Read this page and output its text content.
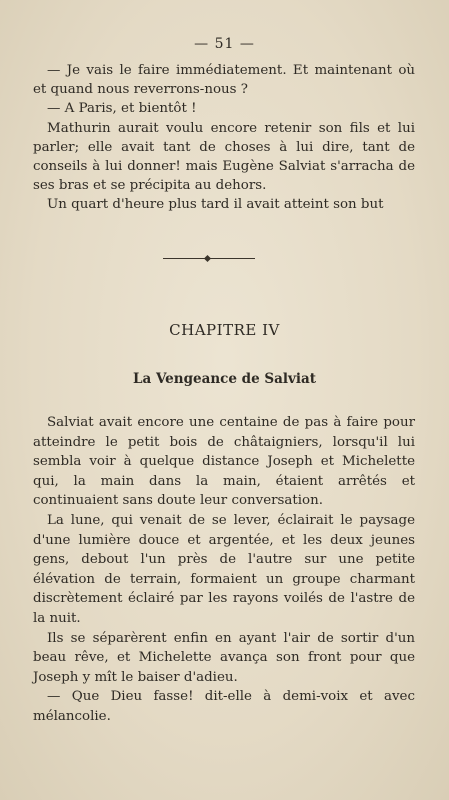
— 51 —

— Je vais le faire immédiatement. Et maintenant où et quand nous reverrons-nous ?

— A Paris, et bientôt !

Mathurin aurait voulu encore retenir son fils et lui parler; elle avait tant de choses à lui dire, tant de conseils à lui donner! mais Eugène Salviat s'arracha de ses bras et se précipita au dehors.

Un quart d'heure plus tard il avait atteint son but

CHAPITRE IV
La Vengeance de Salviat

Salviat avait encore une centaine de pas à faire pour atteindre le petit bois de châtaigniers, lorsqu'il lui sembla voir à quelque distance Joseph et Michelette qui, la main dans la main, étaient arrêtés et continuaient sans doute leur conversation.

La lune, qui venait de se lever, éclairait le paysage d'une lumière douce et argentée, et les deux jeunes gens, debout l'un près de l'autre sur une petite élévation de terrain, formaient un groupe charmant discrètement éclairé par les rayons voilés de l'astre de la nuit.

Ils se séparèrent enfin en ayant l'air de sortir d'un beau rêve, et Michelette avança son front pour que Joseph y mît le baiser d'adieu.

— Que Dieu fasse! dit-elle à demi-voix et avec mélancolie.
